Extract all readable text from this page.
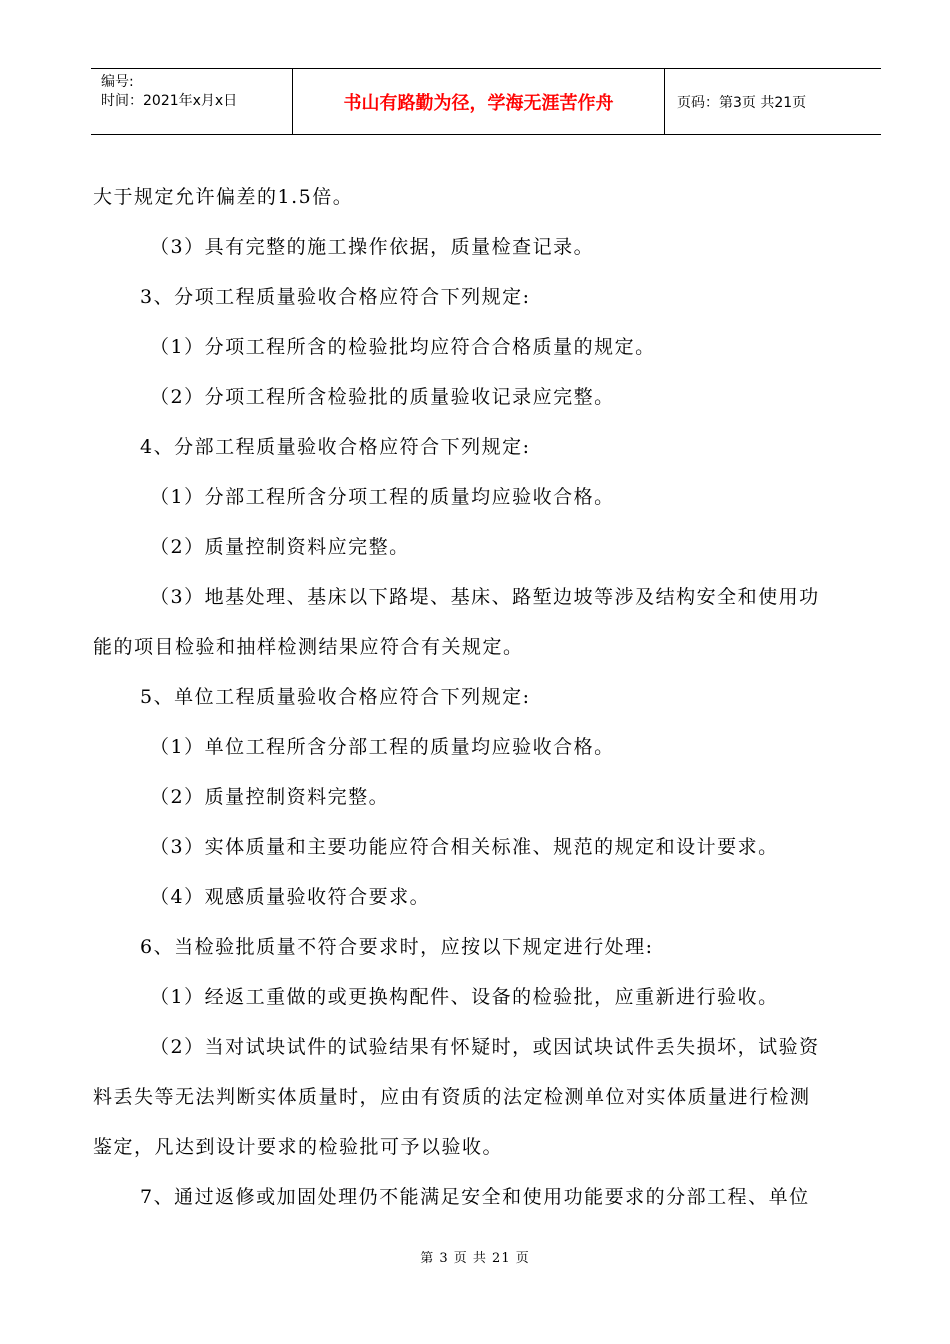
编号:
时间：2021年x月x日	书山有路勤为径，学海无涯苦作舟	页码：第3页 共21页

大于规定允许偏差的1.5倍。

（3）具有完整的施工操作依据，质量检查记录。

3、分项工程质量验收合格应符合下列规定:

（1）分项工程所含的检验批均应符合合格质量的规定。

（2）分项工程所含检验批的质量验收记录应完整。

4、分部工程质量验收合格应符合下列规定:

（1）分部工程所含分项工程的质量均应验收合格。

（2）质量控制资料应完整。

（3）地基处理、基床以下路堤、基床、路堑边坡等涉及结构安全和使用功

能的项目检验和抽样检测结果应符合有关规定。

5、单位工程质量验收合格应符合下列规定:

（1）单位工程所含分部工程的质量均应验收合格。

（2）质量控制资料完整。

（3）实体质量和主要功能应符合相关标准、规范的规定和设计要求。

（4）观感质量验收符合要求。

6、当检验批质量不符合要求时，应按以下规定进行处理:

（1）经返工重做的或更换构配件、设备的检验批，应重新进行验收。

（2）当对试块试件的试验结果有怀疑时，或因试块试件丢失损坏，试验资

料丢失等无法判断实体质量时，应由有资质的法定检测单位对实体质量进行检测

鉴定，凡达到设计要求的检验批可予以验收。

7、通过返修或加固处理仍不能满足安全和使用功能要求的分部工程、单位

第 3 页 共 21 页
